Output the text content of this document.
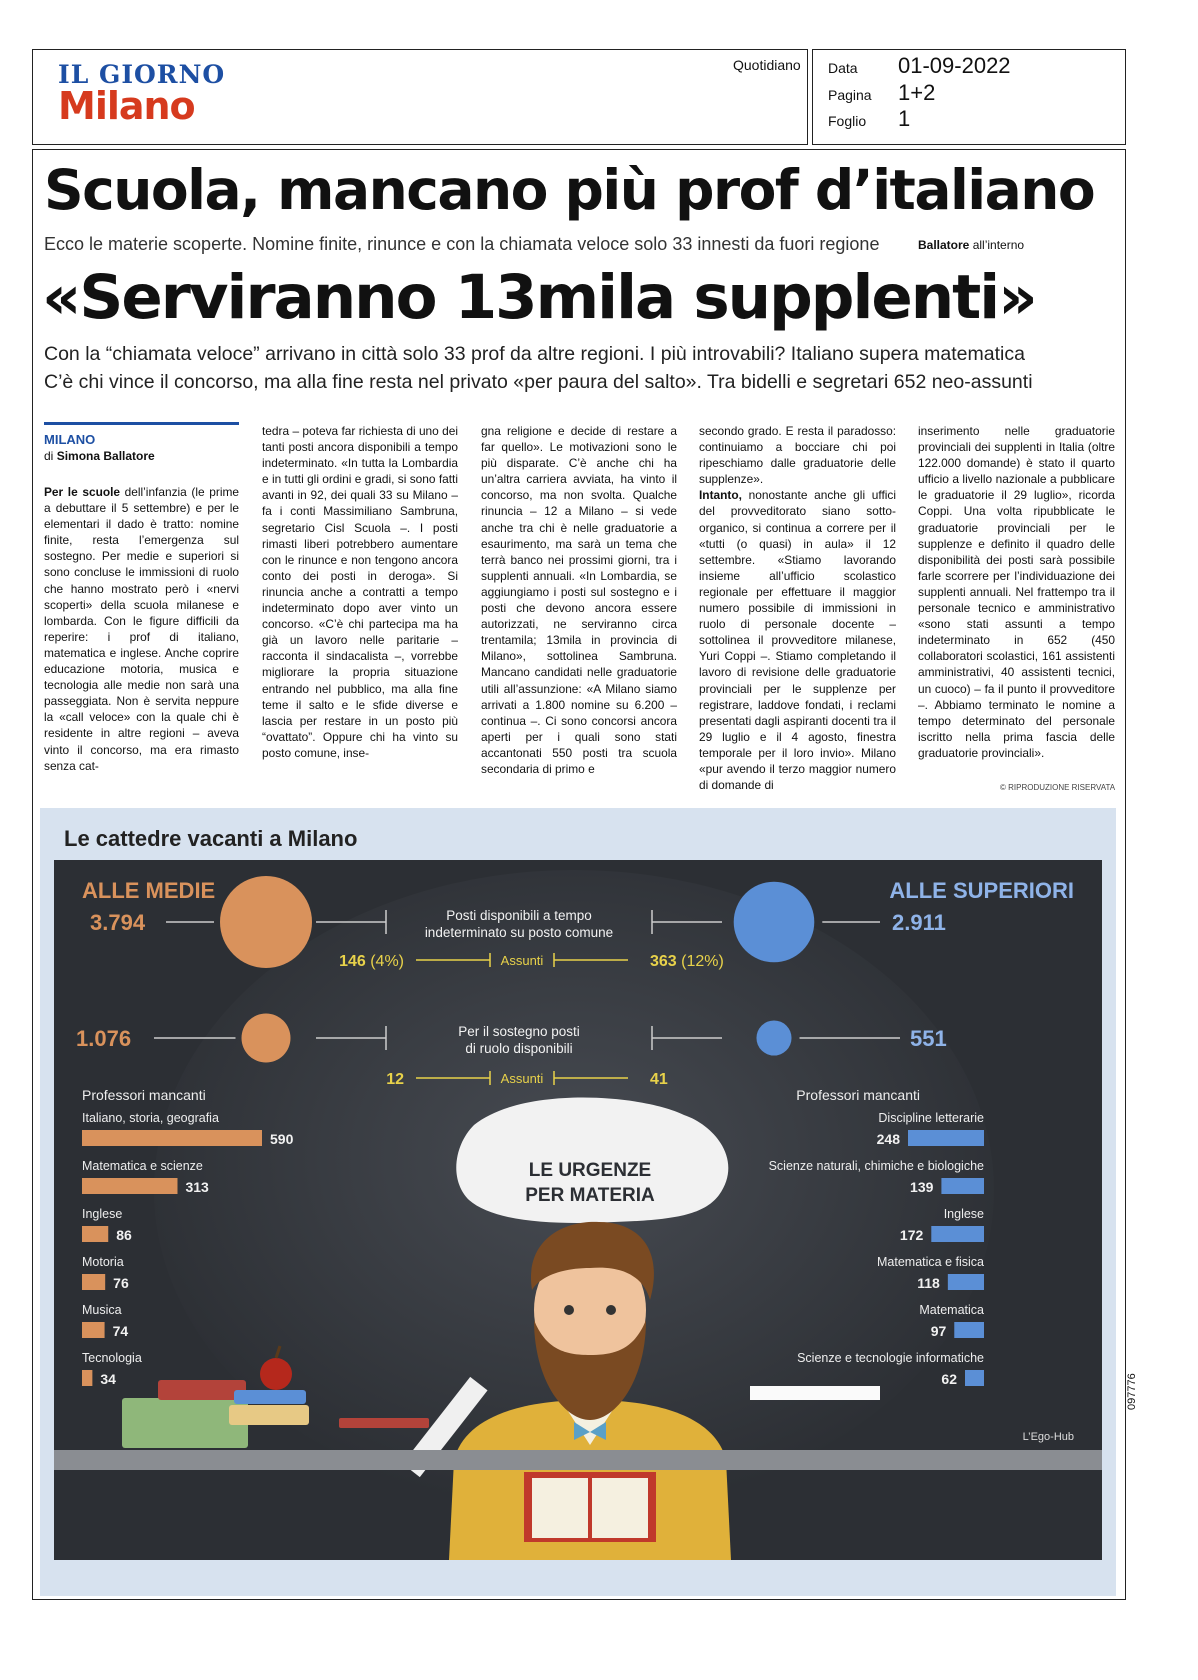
IL GIORNO
Milano
Quotidiano Data 01-09-2022
Pagina 1+2
Foglio 1
Scuola, mancano più prof d’italiano
Ecco le materie scoperte. Nomine finite, rinunce e con la chiamata veloce solo 33 innesti da fuori regione	Ballatore all’interno
«Serviranno 13mila supplenti»
Con la “chiamata veloce” arrivano in città solo 33 prof da altre regioni. I più introvabili? Italiano supera matematica
C’è chi vince il concorso, ma alla fine resta nel privato «per paura del salto». Tra bidelli e segretari 652 neo-assunti
MILANO
di Simona Ballatore
Per le scuole dell’infanzia (le prime a debuttare il 5 settembre) e per le elementari il dado è tratto: nomine finite, resta l’emergenza sul sostegno. Per medie e superiori si sono concluse le immissioni di ruolo che hanno mostrato però i «nervi scoperti» della scuola milanese e lombarda. Con le figure difficili da reperire: i prof di italiano, matematica e inglese. Anche coprire educazione motoria, musica e tecnologia alle medie non sarà una passeggiata. Non è servita neppure la «call veloce» con la quale chi è residente in altre regioni – aveva vinto il concorso, ma era rimasto senza cat-
tedra – poteva far richiesta di uno dei tanti posti ancora disponibili a tempo indeterminato. «In tutta la Lombardia e in tutti gli ordini e gradi, si sono fatti avanti in 92, dei quali 33 su Milano – fa i conti Massimiliano Sambruna, segretario Cisl Scuola –. I posti rimasti liberi potrebbero aumentare con le rinunce e non tengono ancora conto dei posti in deroga». Si rinuncia anche a contratti a tempo indeterminato dopo aver vinto un concorso. «C’è chi partecipa ma ha già un lavoro nelle paritarie – racconta il sindacalista –, vorrebbe migliorare la propria situazione entrando nel pubblico, ma alla fine teme il salto e le sfide diverse e lascia per restare in un posto più “ovattato”. Oppure chi ha vinto su posto comune, inse-
gna religione e decide di restare a far quello». Le motivazioni sono le più disparate. C’è anche chi ha un’altra carriera avviata, ha vinto il concorso, ma non svolta. Qualche rinuncia – 12 a Milano – si vede anche tra chi è nelle graduatorie a esaurimento, ma sarà un tema che terrà banco nei prossimi giorni, tra i supplenti annuali. «In Lombardia, se aggiungiamo i posti sul sostegno e i posti che devono ancora essere autorizzati, ne serviranno circa trentamila; 13mila in provincia di Milano», sottolinea Sambruna. Mancano candidati nelle graduatorie utili all’assunzione: «A Milano siamo arrivati a 1.800 nomine su 6.200 – continua –. Ci sono concorsi ancora aperti per i quali sono stati accantonati 550 posti tra scuola secondaria di primo e
secondo grado. E resta il paradosso: continuiamo a bocciare chi poi ripeschiamo dalle graduatorie delle supplenze».
Intanto, nonostante anche gli uffici del provveditorato siano sotto-organico, si continua a correre per il «tutti (o quasi) in aula» il 12 settembre. «Stiamo lavorando insieme all’ufficio scolastico regionale per effettuare il maggior numero possibile di immissioni in ruolo di personale docente – sottolinea il provveditore milanese, Yuri Coppi –. Stiamo completando il lavoro di revisione delle graduatorie provinciali per le supplenze per registrare, laddove fondati, i reclami presentati dagli aspiranti docenti tra il 29 luglio e il 4 agosto, finestra temporale per il loro invio». Milano «pur avendo il terzo maggior numero di domande di
inserimento nelle graduatorie provinciali dei supplenti in Italia (oltre 122.000 domande) è stato il quarto ufficio a livello nazionale a pubblicare le graduatorie il 29 luglio», ricorda Coppi. Una volta ripubblicate le graduatorie provinciali per le supplenze e definito il quadro delle disponibilità dei posti sarà possibile farle scorrere per l’individuazione dei supplenti annuali. Nel frattempo tra il personale tecnico e amministrativo «sono stati assunti a tempo indeterminato in 652 (450 collaboratori scolastici, 161 assistenti amministrativi, 40 assistenti tecnici, un cuoco) – fa il punto il provveditore –. Abbiamo terminato le nomine a tempo determinato del personale iscritto nella prima fascia delle graduatorie provinciali».
© RIPRODUZIONE RISERVATA
Le cattedre vacanti a Milano
ALLE MEDIE	ALLE SUPERIORI
3.794	2.911
Posti disponibili a tempo
indeterminato su posto comune
1.076	551
Per il sostegno posti
di ruolo disponibili
146 (4%)	363 (12%)
Assunti
12	41
Assunti
Professori mancanti
Italiano, storia, geografia
590
Matematica e scienze
313
Inglese
86
Motoria
76
Musica
74
Tecnologia
34
Professori mancanti
Discipline letterarie
248
Scienze naturali, chimiche e biologiche
139
Inglese
172
Matematica e fisica
118
Matematica
97
Scienze e tecnologie informatiche
62
LE URGENZE
PER MATERIA
L’Ego-Hub
097776
